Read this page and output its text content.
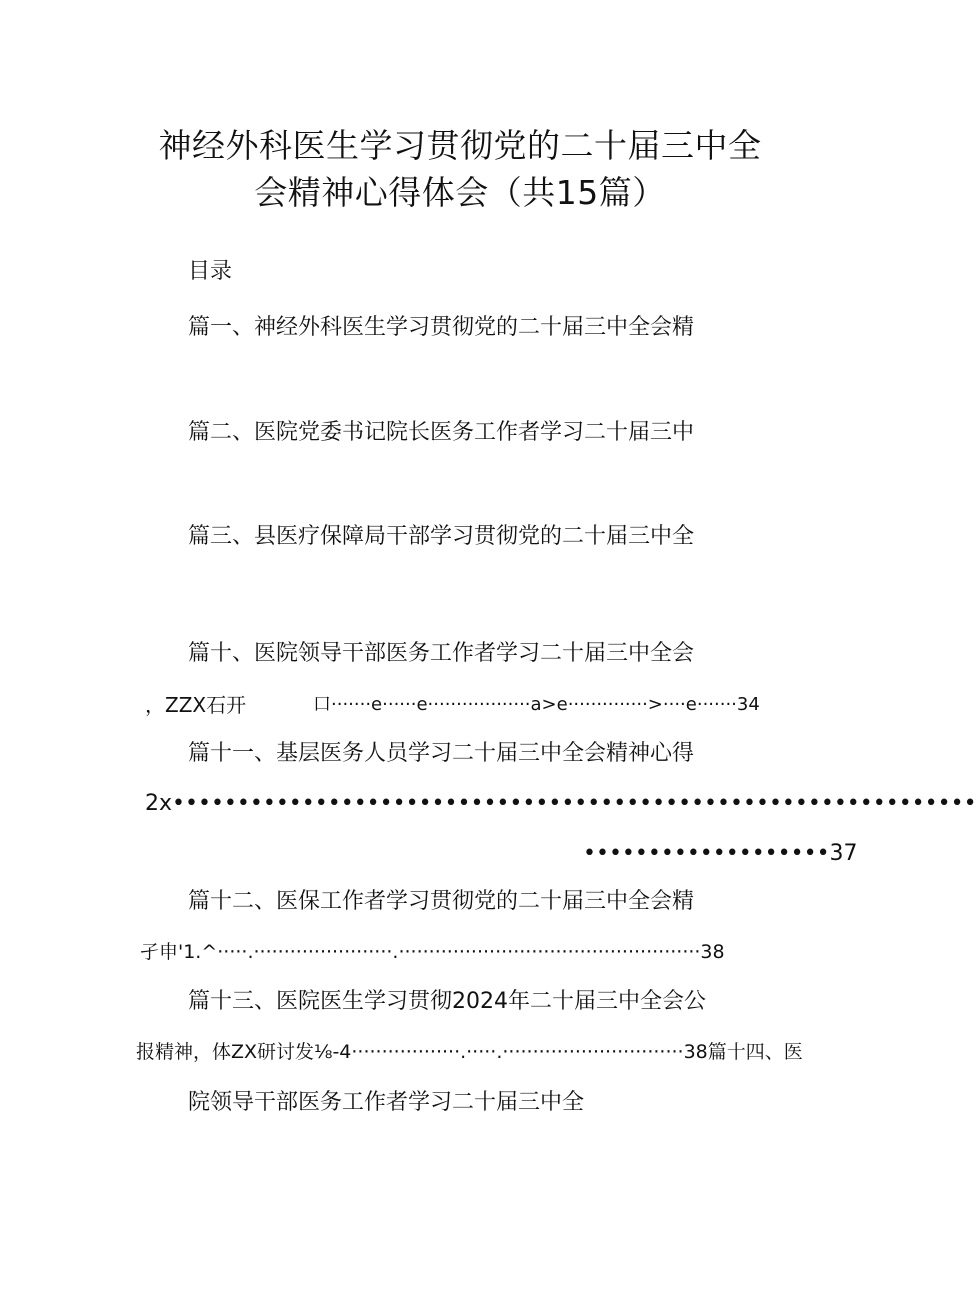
神经外科医生学习贯彻党的二十届三中全
会精神心得体会（共15篇）
目录
篇一、神经外科医生学习贯彻党的二十届三中全会精
篇二、医院党委书记院长医务工作者学习二十届三中
篇三、县医疗保障局干部学习贯彻党的二十届三中全
篇十、医院领导干部医务工作者学习二十届三中全会
，ZZX石开	口·······e······e··················a>e··············>····e·······34
篇十一、基层医务人员学习二十届三中全会精神心得
2x••••••••••••••••••••••••••••••••••••••••••••••••••••••••••••••
•••••••••••••••••••37
篇十二、医保工作者学习贯彻党的二十届三中全会精
孑申'1.^·····.·······················.··················································38
篇十三、医院医生学习贯彻2024年二十届三中全会公
报精神，体ZX研讨发⅛-4··················.·····.······························38篇十四、医
院领导干部医务工作者学习二十届三中全
